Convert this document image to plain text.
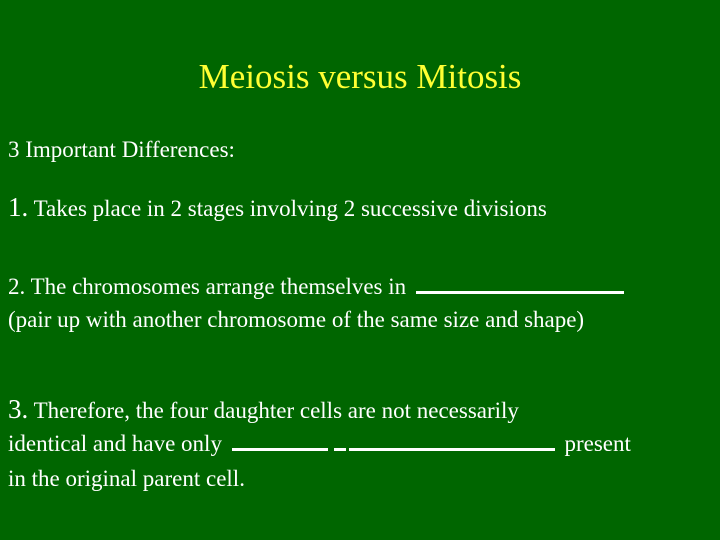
Meiosis versus Mitosis
3 Important Differences:
1. Takes place in 2 stages involving 2 successive divisions
2. The chromosomes arrange themselves in
(pair up with another chromosome of the same size and shape)
3. Therefore, the four daughter cells are not necessarily
identical and have only	present
in the original parent cell.
